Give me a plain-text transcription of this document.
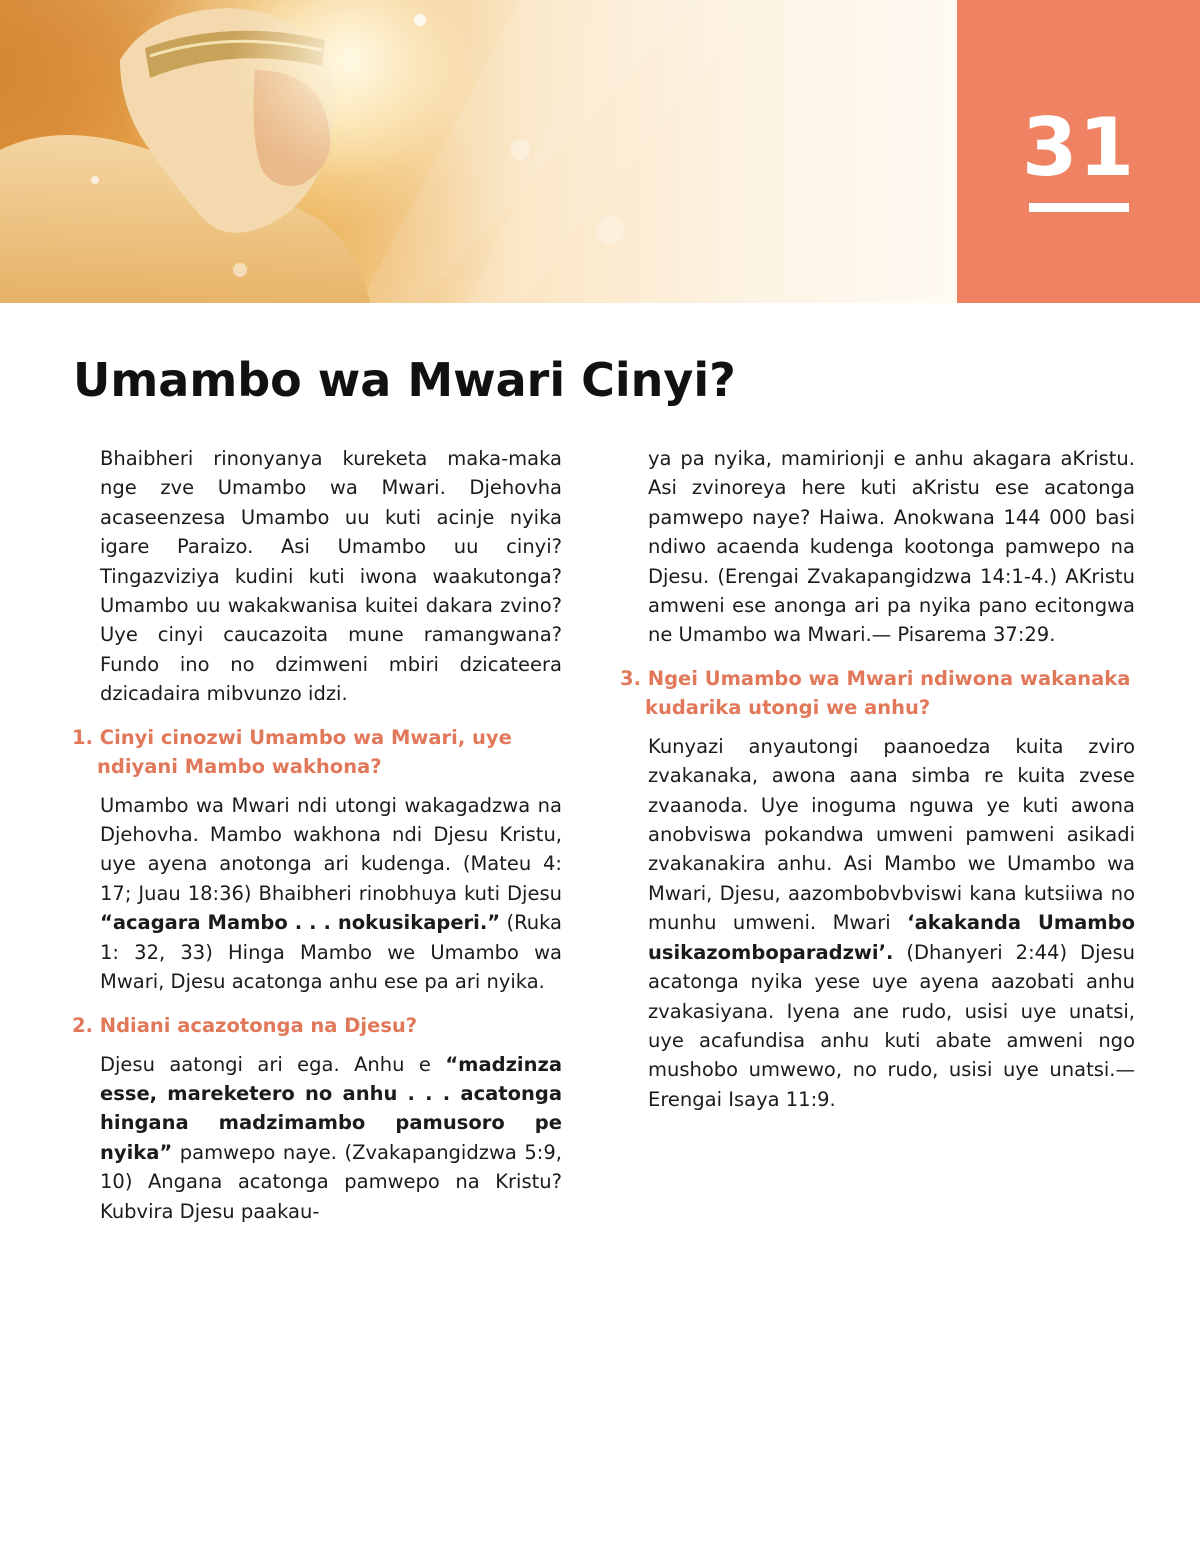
31
Umambo wa Mwari Cinyi?

Bhaibheri rinonyanya kureketa maka-maka nge zve Umambo wa Mwari. Djehovha acaseenzesa Umambo uu kuti acinje nyika igare Paraizo. Asi Umambo uu cinyi? Tingazviziya kudini kuti iwona waakutonga? Umambo uu wakakwanisa kuitei dakara zvino? Uye cinyi caucazoita mune ramangwana? Fundo ino no dzimweni mbiri dzicateera dzicadaira mibvunzo idzi.

1. Cinyi cinozwi Umambo wa Mwari, uye ndiyani Mambo wakhona?

Umambo wa Mwari ndi utongi wakagadzwa na Djehovha. Mambo wakhona ndi Djesu Kristu, uye ayena anotonga ari kudenga. (Mateu 4: 17; Juau 18:36) Bhaibheri rinobhuya kuti Djesu “acagara Mambo . . . nokusikaperi.” (Ruka 1: 32, 33) Hinga Mambo we Umambo wa Mwari, Djesu acatonga anhu ese pa ari nyika.

2. Ndiani acazotonga na Djesu?

Djesu aatongi ari ega. Anhu e “madzinza esse, mareketero no anhu . . . acatonga hingana madzimambo pamusoro pe nyika” pamwepo naye. (Zvakapangidzwa 5:9, 10) Angana acatonga pamwepo na Kristu? Kubvira Djesu paakau-

ya pa nyika, mamirionji e anhu akagara aKristu. Asi zvinoreya here kuti aKristu ese acatonga pamwepo naye? Haiwa. Anokwana 144 000 basi ndiwo acaenda kudenga kootonga pamwepo na Djesu. (Erengai Zvakapangidzwa 14:1-4.) AKristu amweni ese anonga ari pa nyika pano ecitongwa ne Umambo wa Mwari.— Pisarema 37:29.

3. Ngei Umambo wa Mwari ndiwona wakanaka kudarika utongi we anhu?

Kunyazi anyautongi paanoedza kuita zviro zvakanaka, awona aana simba re kuita zvese zvaanoda. Uye inoguma nguwa ye kuti awona anobviswa pokandwa umweni pamweni asikadi zvakanakira anhu. Asi Mambo we Umambo wa Mwari, Djesu, aazombobvbviswi kana kutsiiwa no munhu umweni. Mwari ‘akakanda Umambo usikazomboparadzwi’. (Dhanyeri 2:44) Djesu acatonga nyika yese uye ayena aazobati anhu zvakasiyana. Iyena ane rudo, usisi uye unatsi, uye acafundisa anhu kuti abate amweni ngo mushobo umwewo, no rudo, usisi uye unatsi.—Erengai Isaya 11:9.
